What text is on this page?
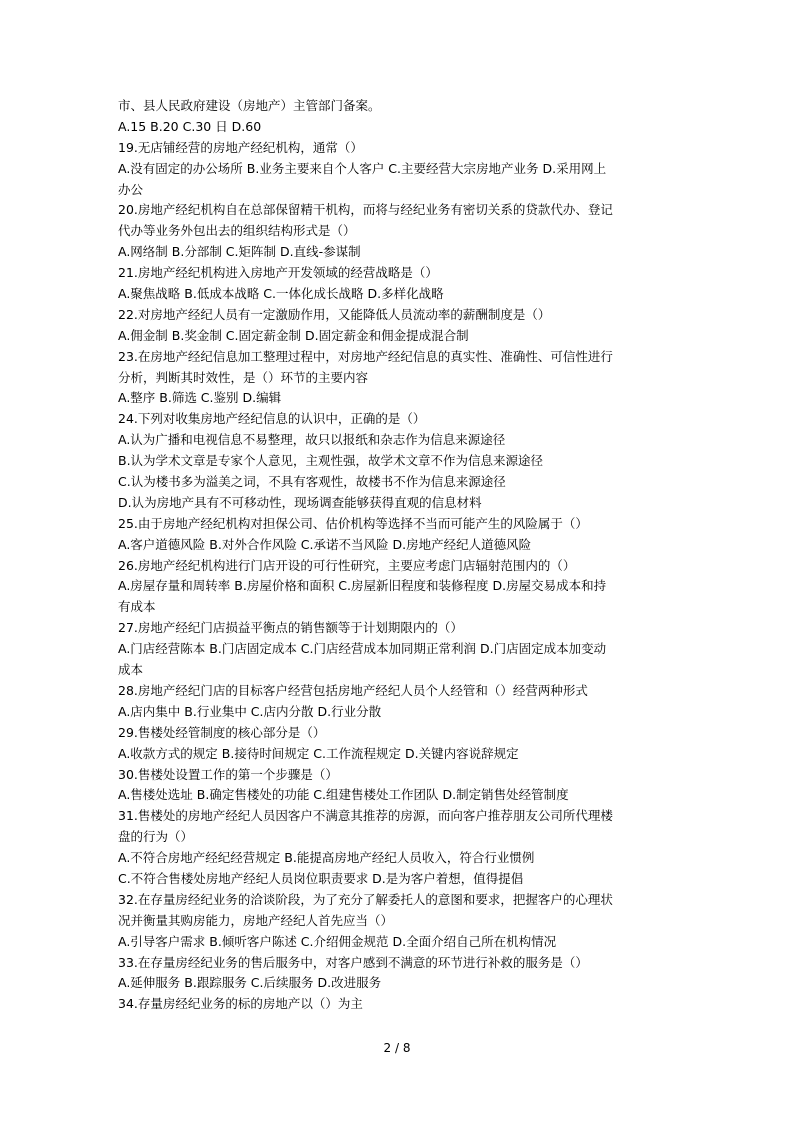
市、县人民政府建设（房地产）主管部门备案。
A.15 B.20 C.30 日 D.60
19.无店铺经营的房地产经纪机构，通常（）
A.没有固定的办公场所 B.业务主要来自个人客户 C.主要经营大宗房地产业务 D.采用网上
办公
20.房地产经纪机构自在总部保留精干机构，而将与经纪业务有密切关系的贷款代办、登记
代办等业务外包出去的组织结构形式是（）
A.网络制 B.分部制 C.矩阵制 D.直线-参谋制
21.房地产经纪机构进入房地产开发领域的经营战略是（）
A.聚焦战略 B.低成本战略 C.一体化成长战略 D.多样化战略
22.对房地产经纪人员有一定激励作用，又能降低人员流动率的薪酬制度是（）
A.佣金制 B.奖金制 C.固定薪金制 D.固定薪金和佣金提成混合制
23.在房地产经纪信息加工整理过程中，对房地产经纪信息的真实性、准确性、可信性进行
分析，判断其时效性，是（）环节的主要内容
A.整序 B.筛选 C.鉴别 D.编辑
24.下列对收集房地产经纪信息的认识中，正确的是（）
A.认为广播和电视信息不易整理，故只以报纸和杂志作为信息来源途径
B.认为学术文章是专家个人意见，主观性强，故学术文章不作为信息来源途径
C.认为楼书多为溢美之词，不具有客观性，故楼书不作为信息来源途径
D.认为房地产具有不可移动性，现场调查能够获得直观的信息材料
25.由于房地产经纪机构对担保公司、估价机构等选择不当而可能产生的风险属于（）
A.客户道德风险 B.对外合作风险 C.承诺不当风险 D.房地产经纪人道德风险
26.房地产经纪机构进行门店开设的可行性研究，主要应考虑门店辐射范围内的（）
A.房屋存量和周转率 B.房屋价格和面积 C.房屋新旧程度和装修程度 D.房屋交易成本和持
有成本
27.房地产经纪门店损益平衡点的销售额等于计划期限内的（）
A.门店经营陈本 B.门店固定成本 C.门店经营成本加同期正常利润 D.门店固定成本加变动
成本
28.房地产经纪门店的目标客户经营包括房地产经纪人员个人经管和（）经营两种形式
A.店内集中 B.行业集中 C.店内分散 D.行业分散
29.售楼处经管制度的核心部分是（）
A.收款方式的规定 B.接待时间规定 C.工作流程规定 D.关键内容说辞规定
30.售楼处设置工作的第一个步骤是（）
A.售楼处选址 B.确定售楼处的功能 C.组建售楼处工作团队 D.制定销售处经管制度
31.售楼处的房地产经纪人员因客户不满意其推荐的房源，而向客户推荐朋友公司所代理楼
盘的行为（）
A.不符合房地产经纪经营规定 B.能提高房地产经纪人员收入，符合行业惯例
C.不符合售楼处房地产经纪人员岗位职责要求 D.是为客户着想，值得提倡
32.在存量房经纪业务的洽谈阶段，为了充分了解委托人的意图和要求，把握客户的心理状
况并衡量其购房能力，房地产经纪人首先应当（）
A.引导客户需求 B.倾听客户陈述 C.介绍佣金规范 D.全面介绍自己所在机构情况
33.在存量房经纪业务的售后服务中，对客户感到不满意的环节进行补救的服务是（）
A.延伸服务 B.跟踪服务 C.后续服务 D.改进服务
34.存量房经纪业务的标的房地产以（）为主
2 / 8
